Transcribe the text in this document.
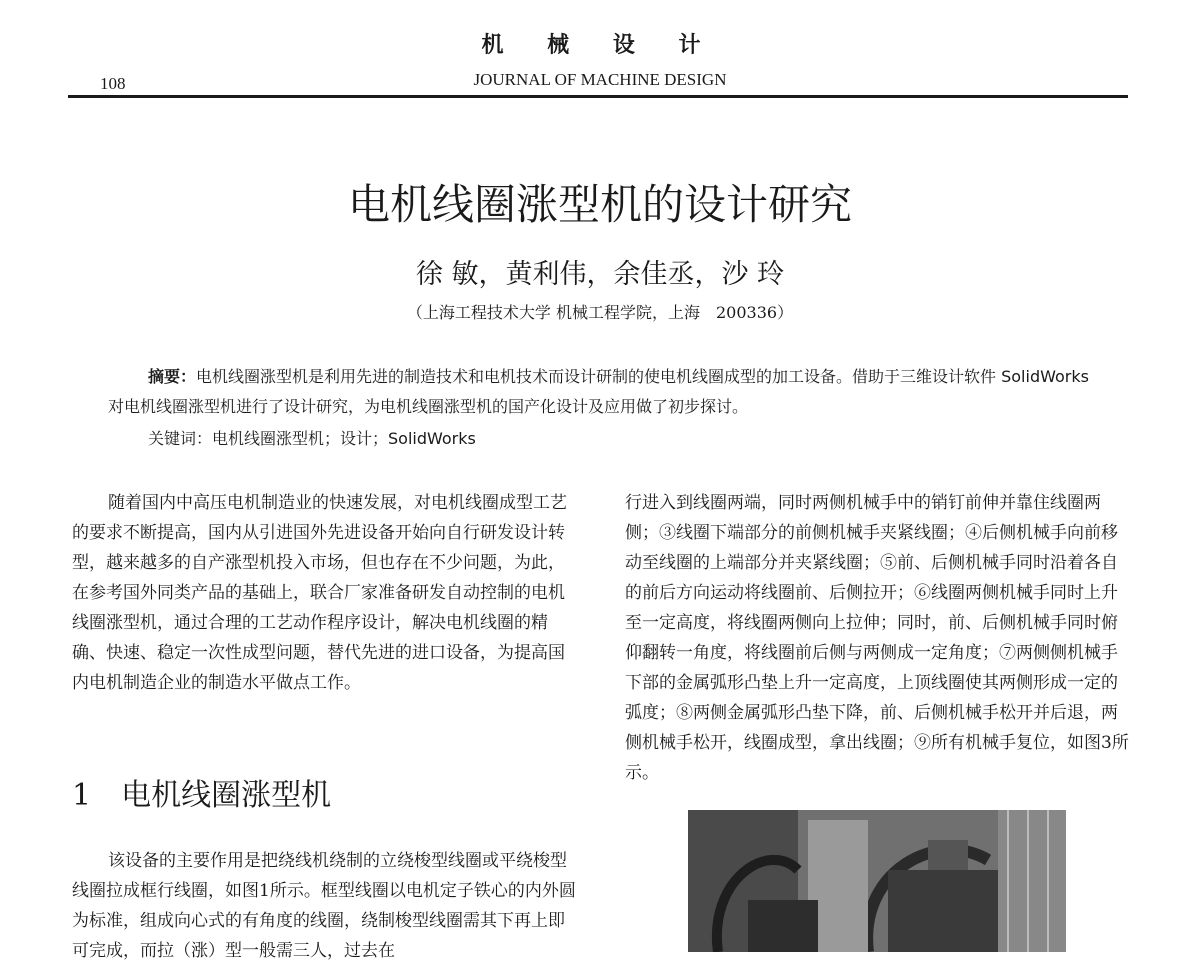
机 械 设 计
108	JOURNAL OF MACHINE DESIGN
电机线圈涨型机的设计研究
徐 敏，黄利伟，余佳丞，沙 玲
（上海工程技术大学 机械工程学院，上海　200336）

摘要：电机线圈涨型机是利用先进的制造技术和电机技术而设计研制的使电机线圈成型的加工设备。借助于三维设计软件 SolidWorks 对电机线圈涨型机进行了设计研究，为电机线圈涨型机的国产化设计及应用做了初步探讨。

关键词：电机线圈涨型机；设计；SolidWorks

随着国内中高压电机制造业的快速发展，对电机线圈成型工艺的要求不断提高，国内从引进国外先进设备开始向自行研发设计转型，越来越多的自产涨型机投入市场，但也存在不少问题，为此，在参考国外同类产品的基础上，联合厂家准备研发自动控制的电机线圈涨型机，通过合理的工艺动作程序设计，解决电机线圈的精确、快速、稳定一次性成型问题，替代先进的进口设备，为提高国内电机制造企业的制造水平做点工作。

1 电机线圈涨型机

该设备的主要作用是把绕线机绕制的立绕梭型线圈或平绕梭型线圈拉成框行线圈，如图1所示。框型线圈以电机定子铁心的内外圆为标准，组成向心式的有角度的线圈，绕制梭型线圈需其下再上即可完成，而拉（涨）型一般需三人，过去在

行进入到线圈两端，同时两侧机械手中的销钉前伸并靠住线圈两侧；③线圈下端部分的前侧机械手夹紧线圈；④后侧机械手向前移动至线圈的上端部分并夹紧线圈；⑤前、后侧机械手同时沿着各自的前后方向运动将线圈前、后侧拉开；⑥线圈两侧机械手同时上升至一定高度，将线圈两侧向上拉伸；同时，前、后侧机械手同时俯仰翻转一角度，将线圈前后侧与两侧成一定角度；⑦两侧侧机械手下部的金属弧形凸垫上升一定高度，上顶线圈使其两侧形成一定的弧度；⑧两侧金属弧形凸垫下降，前、后侧机械手松开并后退，两侧机械手松开，线圈成型，拿出线圈；⑨所有机械手复位，如图3所示。
